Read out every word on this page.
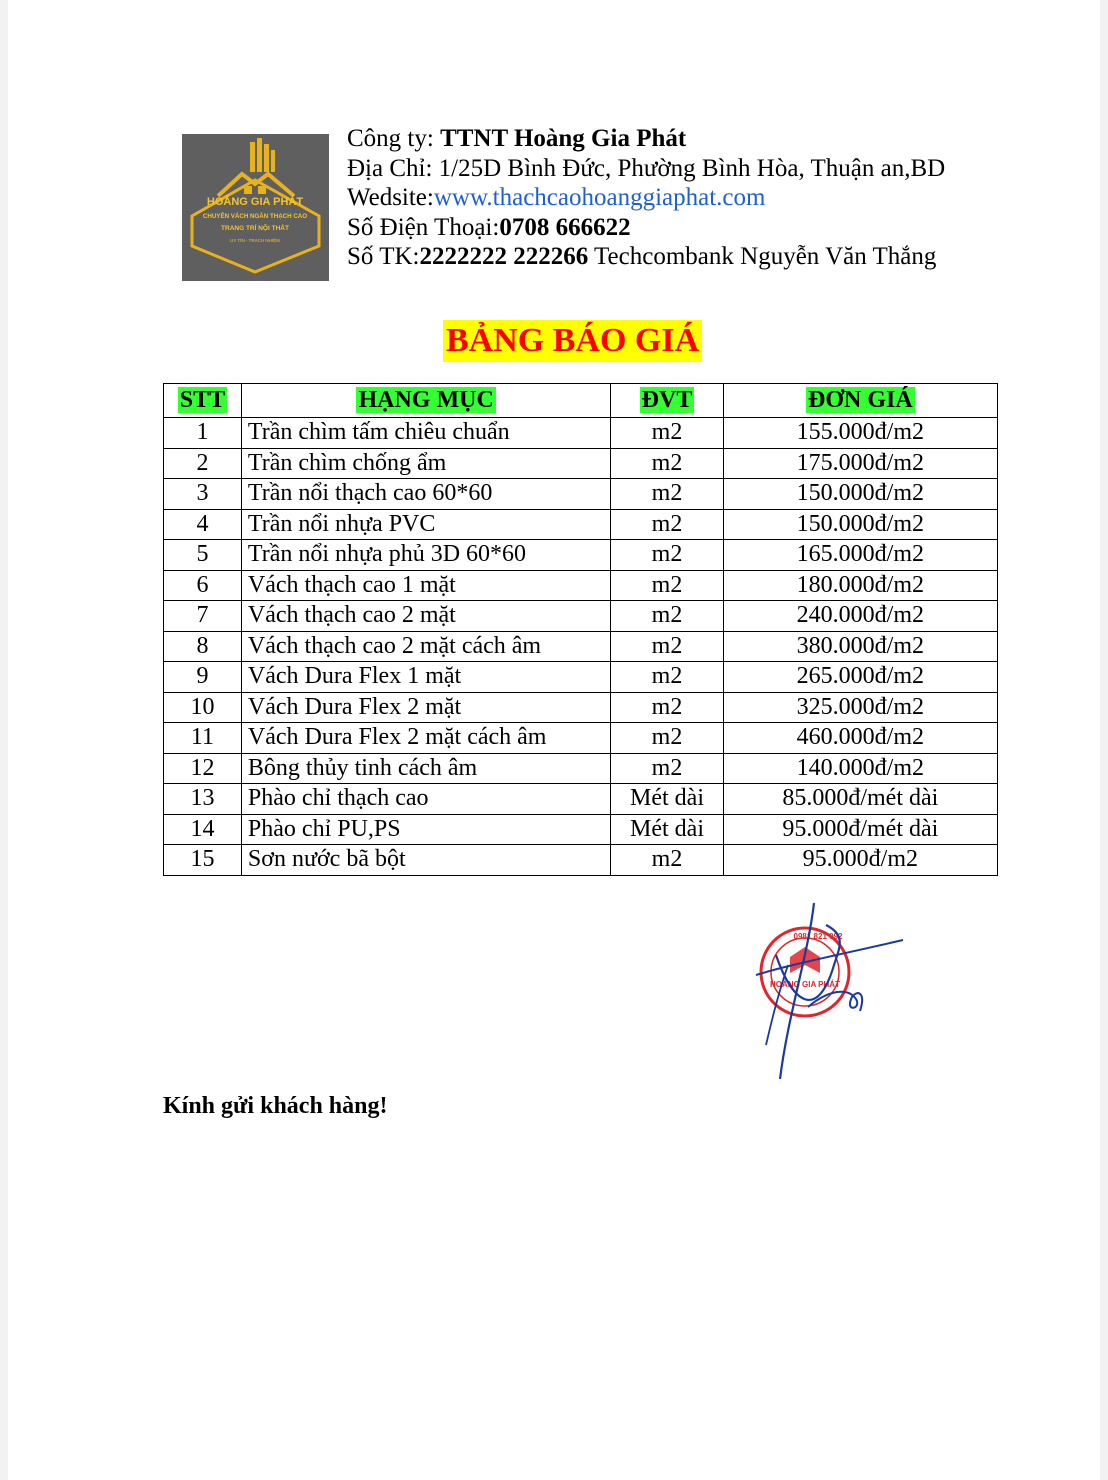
HOÀNG GIA PHÁT
CHUYÊN VÁCH NGĂN THẠCH CAO
TRANG TRÍ NỘI THẤT
UY TÍN - TRÁCH NHIỆM
Công ty: TTNT Hoàng Gia Phát
Địa Chỉ: 1/25D Bình Đức, Phường Bình Hòa, Thuận an,BD
Wedsite:www.thachcaohoanggiaphat.com
Số Điện Thoại:0708 666622
Số TK:2222222 222266 Techcombank Nguyễn Văn Thắng
BẢNG BÁO GIÁ
STT	HẠNG MỤC	ĐVT	ĐƠN GIÁ
1	Trần chìm tấm chiêu chuẩn	m2	155.000đ/m2
2	Trần chìm chống ẩm	m2	175.000đ/m2
3	Trần nổi thạch cao 60*60	m2	150.000đ/m2
4	Trần nổi nhựa PVC	m2	150.000đ/m2
5	Trần nổi nhựa phủ 3D 60*60	m2	165.000đ/m2
6	Vách thạch cao 1 mặt	m2	180.000đ/m2
7	Vách thạch cao 2 mặt	m2	240.000đ/m2
8	Vách thạch cao 2 mặt cách âm	m2	380.000đ/m2
9	Vách Dura Flex 1 mặt	m2	265.000đ/m2
10	Vách Dura Flex 2 mặt	m2	325.000đ/m2
11	Vách Dura Flex 2 mặt cách âm	m2	460.000đ/m2
12	Bông thủy tinh cách âm	m2	140.000đ/m2
13	Phào chỉ thạch cao	Mét dài	85.000đ/mét dài
14	Phào chỉ PU,PS	Mét dài	95.000đ/mét dài
15	Sơn nước bã bột	m2	95.000đ/m2
HOÀNG GIA PHÁT
0981 821 092
Kính gửi khách hàng!
